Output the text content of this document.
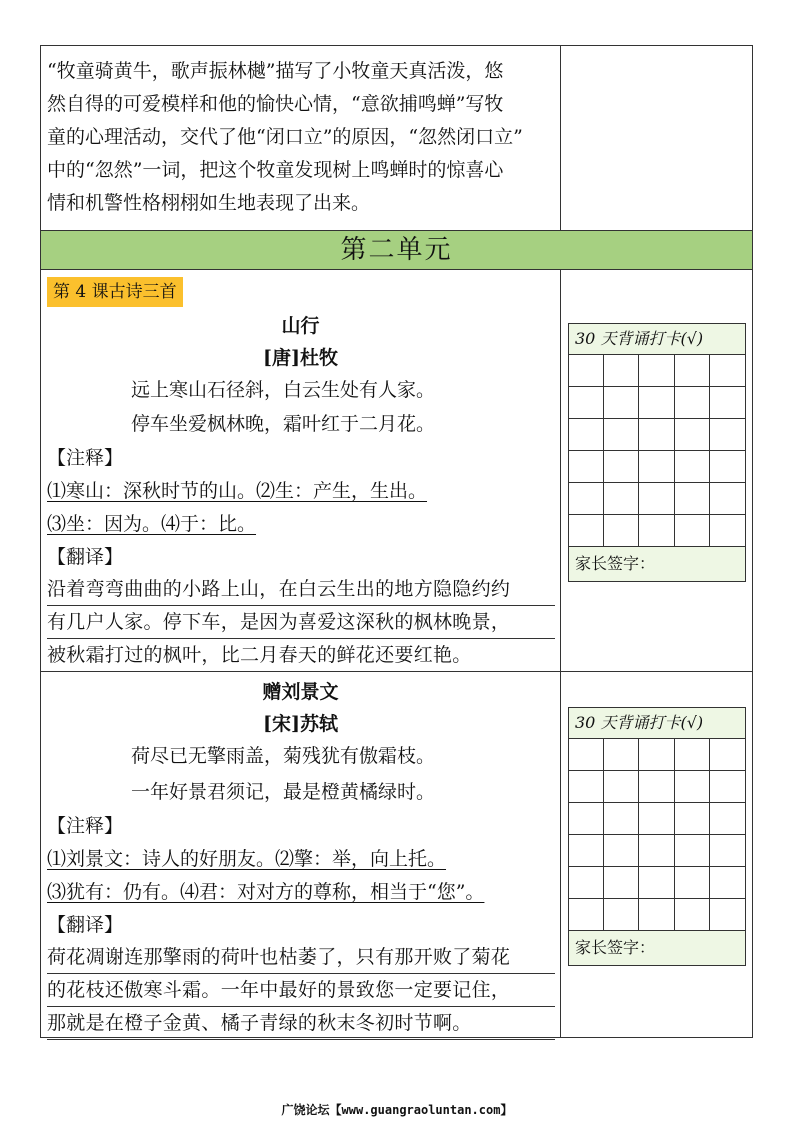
“牧童骑黄牛，歌声振林樾”描写了小牧童天真活泼，悠
然自得的可爱模样和他的愉快心情，“意欲捕鸣蝉”写牧
童的心理活动，交代了他“闭口立”的原因，“忽然闭口立”
中的“忽然”一词，把这个牧童发现树上鸣蝉时的惊喜心
情和机警性格栩栩如生地表现了出来。
第二单元
第 4 课古诗三首
山行
[唐]杜牧
远上寒山石径斜，白云生处有人家。
停车坐爱枫林晚，霜叶红于二月花。
【注释】
⑴寒山：深秋时节的山。⑵生：产生，生出。
⑶坐：因为。⑷于：比。
【翻译】
沿着弯弯曲曲的小路上山，在白云生出的地方隐隐约约
有几户人家。停下车，是因为喜爱这深秋的枫林晚景，
被秋霜打过的枫叶，比二月春天的鲜花还要红艳。
赠刘景文
[宋]苏轼
荷尽已无擎雨盖，菊残犹有傲霜枝。
一年好景君须记，最是橙黄橘绿时。
【注释】
⑴刘景文：诗人的好朋友。⑵擎：举，向上托。
⑶犹有：仍有。⑷君：对对方的尊称，相当于“您”。
【翻译】
荷花凋谢连那擎雨的荷叶也枯萎了，只有那开败了菊花
的花枝还傲寒斗霜。一年中最好的景致您一定要记住，
那就是在橙子金黄、橘子青绿的秋末冬初时节啊。
30 天背诵打卡(√)
家长签字：
30 天背诵打卡(√)
家长签字：
广饶论坛【www.guangraoluntan.com】
